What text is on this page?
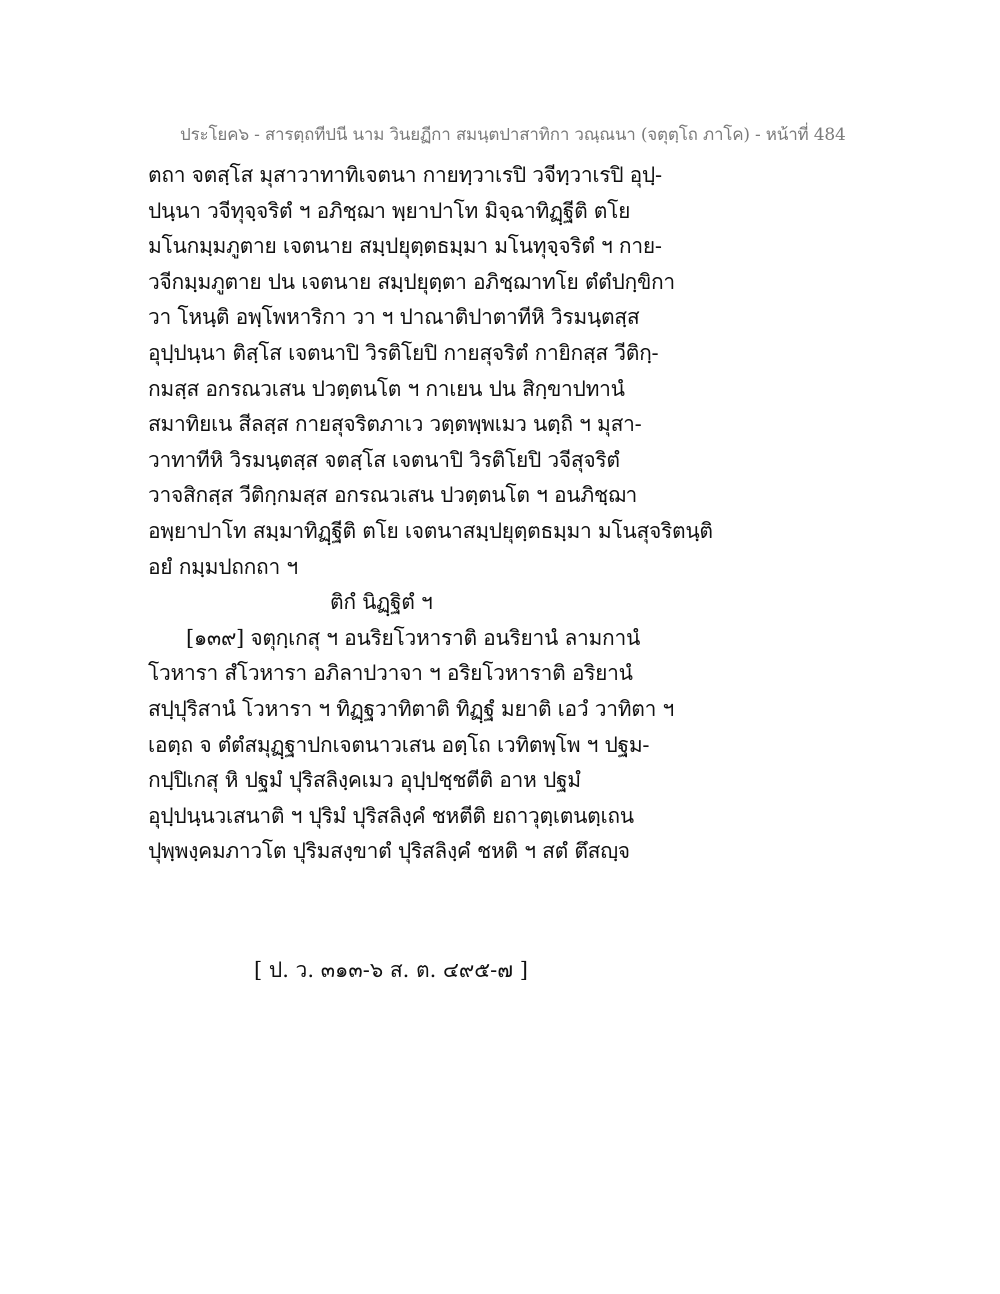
ประโยค๖ - สารตฺถทีปนี นาม วินยฏีกา สมนฺตปาสาทิกา วณฺณนา (จตุตฺโถ ภาโค) - หน้าที่ 484
ตถา จตสฺโส มุสาวาทาทิเจตนา กายทฺวาเรปิ วจีทฺวาเรปิ อุปฺ-
ปนฺนา วจีทุจฺจริตํ ฯ อภิชฺฌา พฺยาปาโท มิจฺฉาทิฏฺฐีติ ตโย
มโนกมฺมภูตาย เจตนาย สมฺปยุตฺตธมฺมา มโนทุจฺจริตํ ฯ กาย-
วจีกมฺมภูตาย ปน เจตนาย สมฺปยุตฺตา อภิชฺฌาทโย ตํตํปกฺขิกา
วา โหนฺติ อพฺโพหาริกา วา ฯ ปาณาติปาตาทีหิ วิรมนฺตสฺส
อุปฺปนฺนา ติสฺโส เจตนาปิ วิรติโยปิ กายสุจริตํ กายิกสฺส วีติกฺ-
กมสฺส อกรณวเสน ปวตฺตนโต ฯ กาเยน ปน สิกฺขาปทานํ
สมาทิยเน สีลสฺส กายสุจริตภาเว วตฺตพฺพเมว นตฺถิ ฯ มุสา-
วาทาทีหิ วิรมนฺตสฺส จตสฺโส เจตนาปิ วิรติโยปิ วจีสุจริตํ
วาจสิกสฺส วีติกฺกมสฺส อกรณวเสน ปวตฺตนโต ฯ อนภิชฺฌา
อพฺยาปาโท สมฺมาทิฏฺฐีติ ตโย เจตนาสมฺปยุตฺตธมฺมา มโนสุจริตนฺติ
อยํ กมฺมปถกถา ฯ
ติกํ นิฏฺฐิตํ ฯ
[๑๓๙] จตุกฺเกสุ ฯ อนริยโวหาราติ อนริยานํ ลามกานํ
โวหารา สํโวหารา อภิลาปวาจา ฯ อริยโวหาราติ อริยานํ
สปฺปุริสานํ โวหารา ฯ ทิฏฺฐวาทิตาติ ทิฏฺฐํ มยาติ เอวํ วาทิตา ฯ
เอตฺถ จ ตํตํสมุฏฺฐาปกเจตนาวเสน อตฺโถ เวทิตพฺโพ ฯ ปฐม-
กปฺปิเกสุ หิ ปฐมํ ปุริสลิงฺคเมว อุปฺปชฺชตีติ อาห ปฐมํ
อุปฺปนฺนวเสนาติ ฯ ปุริมํ ปุริสลิงฺคํ ชหตีติ ยถาวุตฺเตนตฺเถน
ปุพฺพงฺคมภาวโต ปุริมสงฺขาตํ ปุริสลิงฺคํ ชหติ ฯ สตํ ตึสญฺจ
[ ป. ว. ๓๑๓-๖ ส. ต. ๔๙๕-๗ ]
